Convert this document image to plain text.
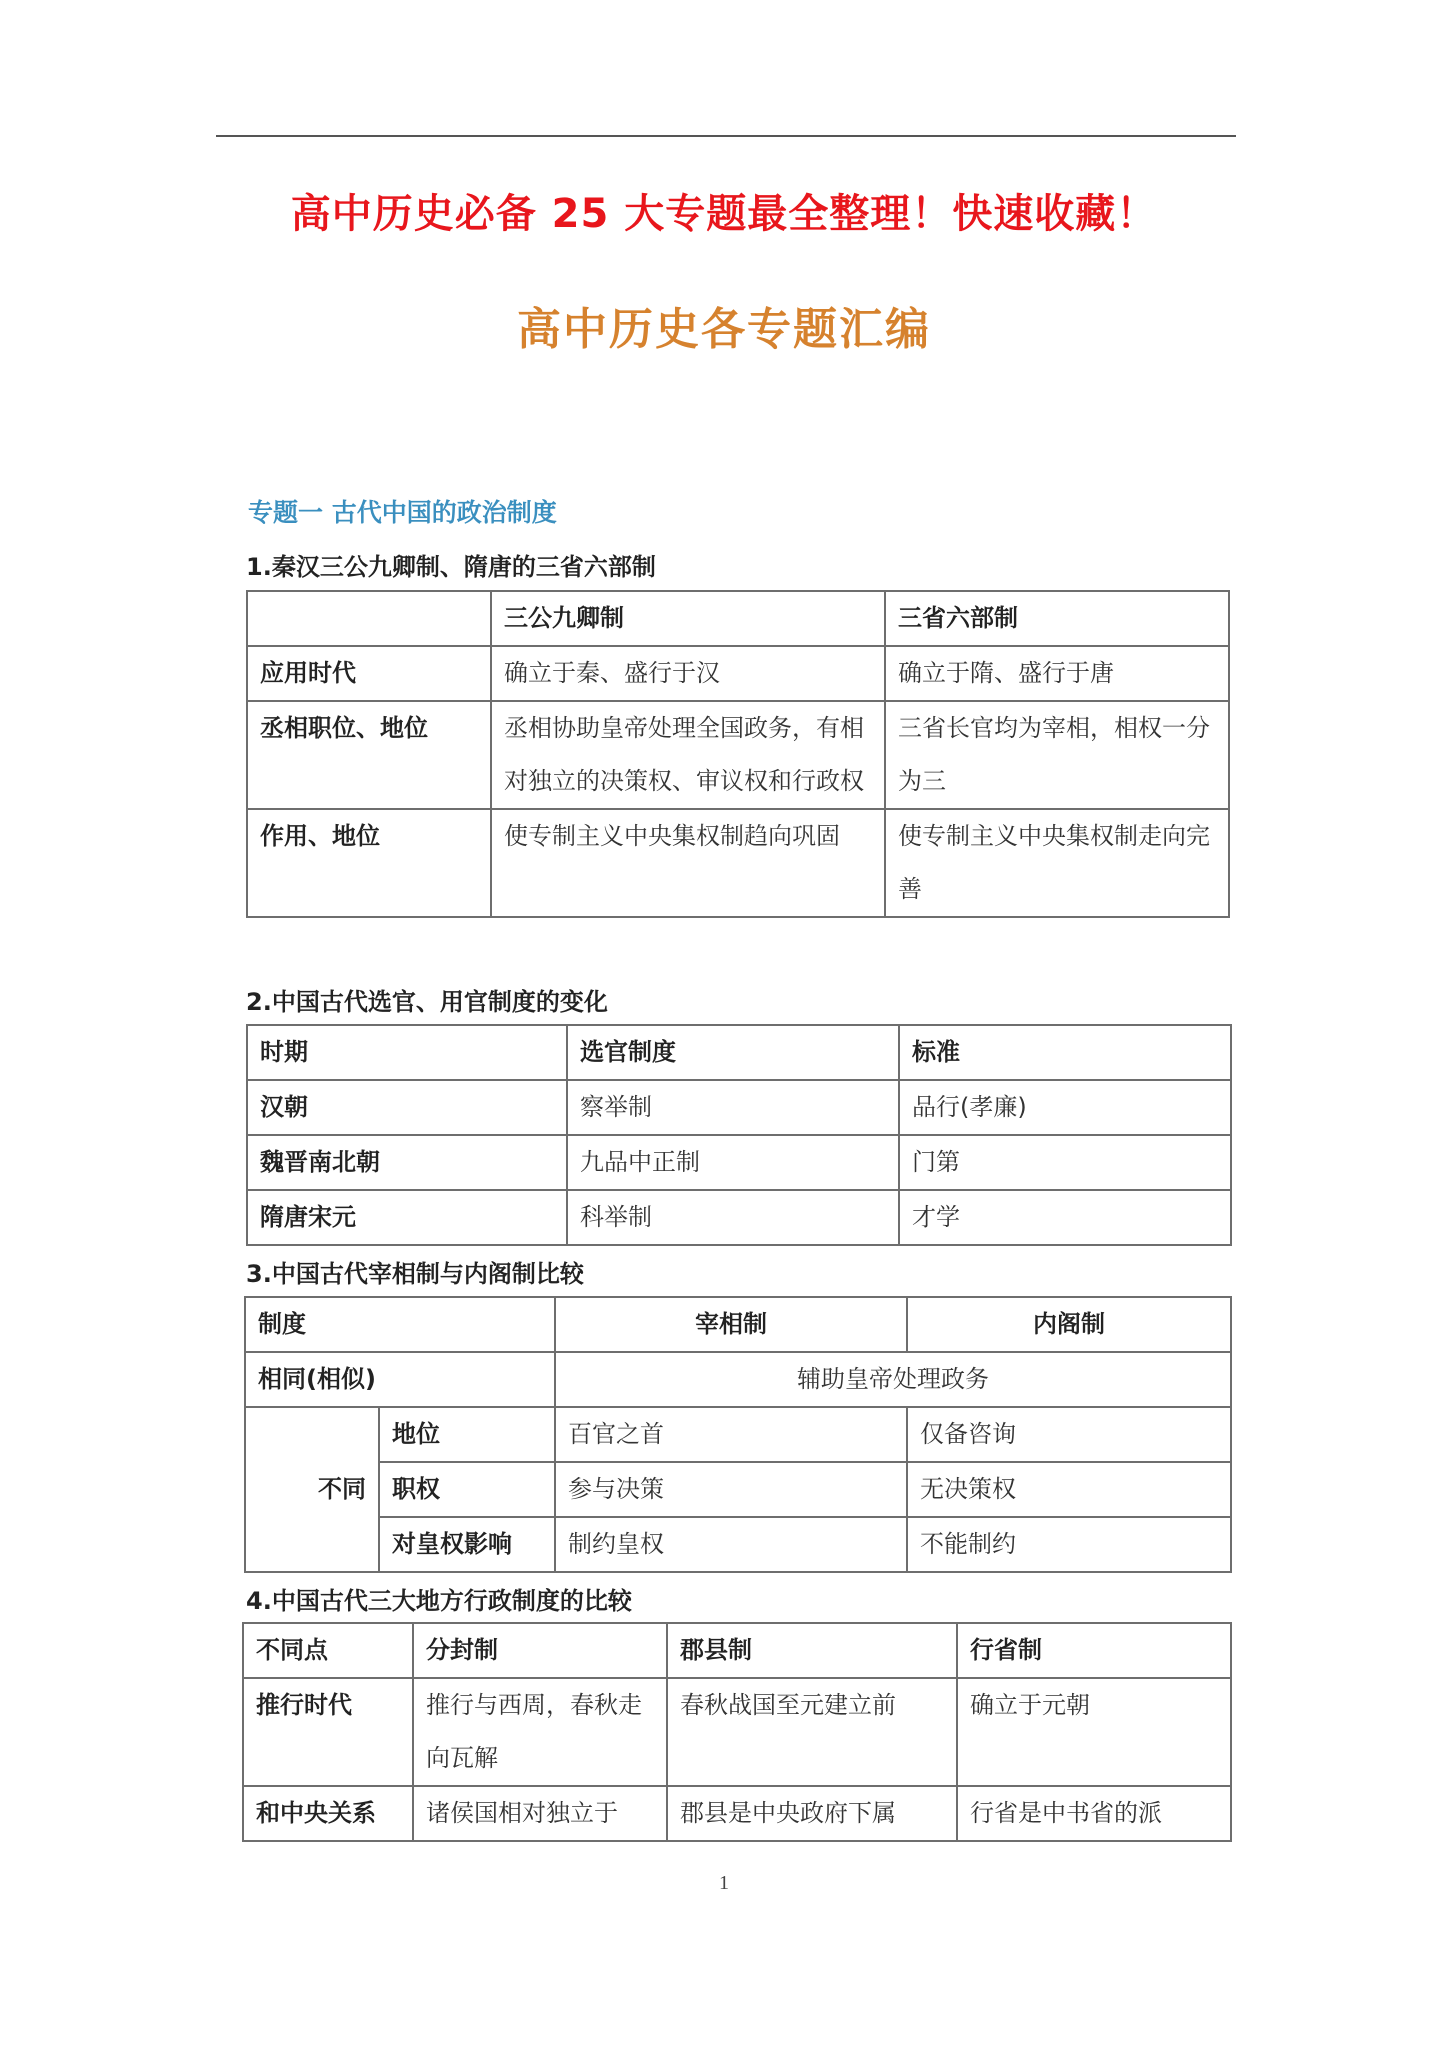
高中历史必备 25 大专题最全整理！快速收藏！
高中历史各专题汇编
专题一 古代中国的政治制度
1.秦汉三公九卿制、隋唐的三省六部制
	三公九卿制	三省六部制
应用时代	确立于秦、盛行于汉	确立于隋、盛行于唐
丞相职位、地位	丞相协助皇帝处理全国政务，有相对独立的决策权、审议权和行政权	三省长官均为宰相，相权一分为三
作用、地位	使专制主义中央集权制趋向巩固	使专制主义中央集权制走向完善
2.中国古代选官、用官制度的变化
时期	选官制度	标准
汉朝	察举制	品行(孝廉)
魏晋南北朝	九品中正制	门第
隋唐宋元	科举制	才学
3.中国古代宰相制与内阁制比较
制度		宰相制	内阁制
相同(相似)		辅助皇帝处理政务	
不同	地位	百官之首	仅备咨询
	职权	参与决策	无决策权
	对皇权影响	制约皇权	不能制约
4.中国古代三大地方行政制度的比较
不同点	分封制	郡县制	行省制
推行时代	推行与西周，春秋走向瓦解	春秋战国至元建立前	确立于元朝
和中央关系	诸侯国相对独立于	郡县是中央政府下属	行省是中书省的派
1
